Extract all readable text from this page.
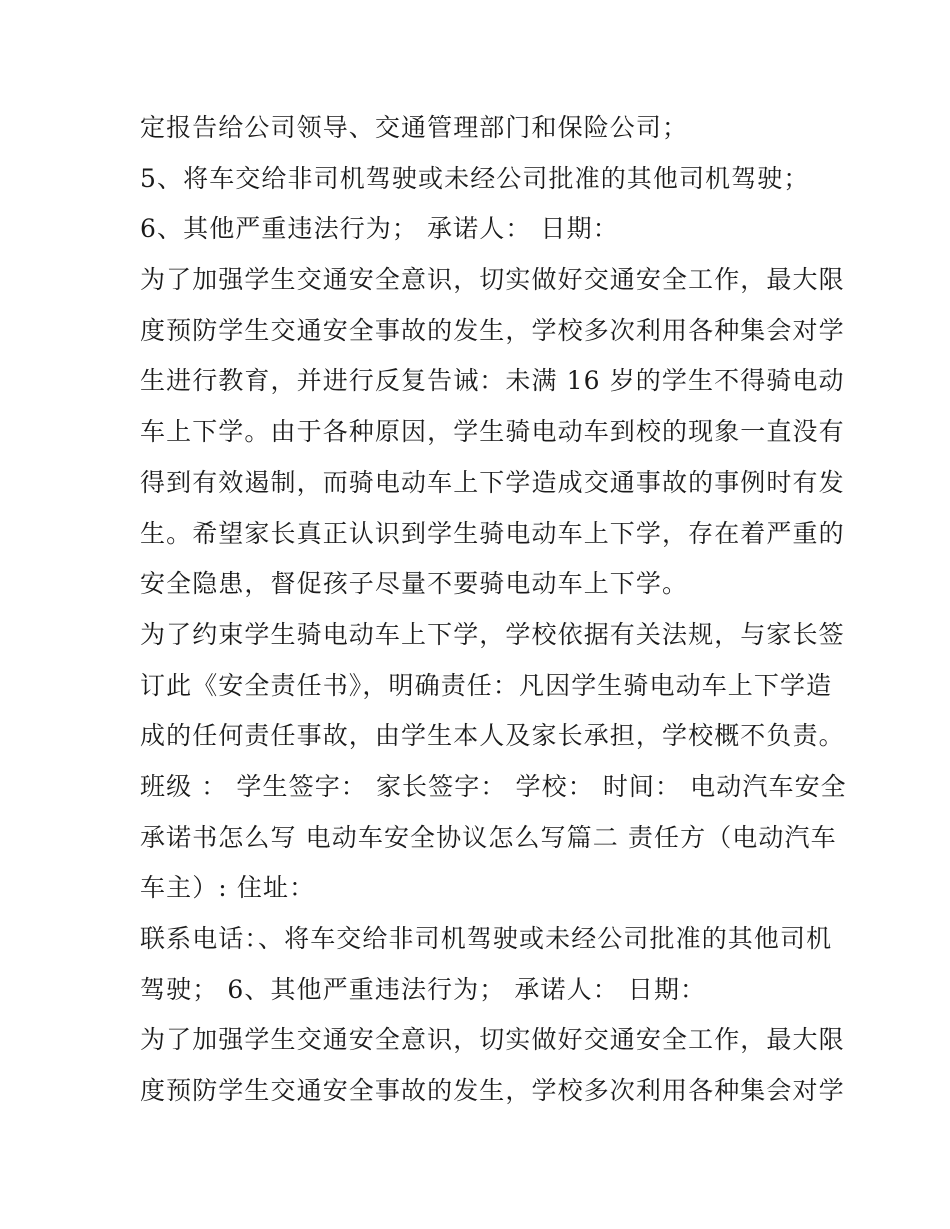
定报告给公司领导、交通管理部门和保险公司；
5、将车交给非司机驾驶或未经公司批准的其他司机驾驶；
6、其他严重违法行为； 承诺人： 日期：
为了加强学生交通安全意识，切实做好交通安全工作，最大限
度预防学生交通安全事故的发生，学校多次利用各种集会对学
生进行教育，并进行反复告诫：未满 16 岁的学生不得骑电动
车上下学。由于各种原因，学生骑电动车到校的现象一直没有
得到有效遏制，而骑电动车上下学造成交通事故的事例时有发
生。希望家长真正认识到学生骑电动车上下学，存在着严重的
安全隐患，督促孩子尽量不要骑电动车上下学。
为了约束学生骑电动车上下学，学校依据有关法规，与家长签
订此《安全责任书》，明确责任：凡因学生骑电动车上下学造
成的任何责任事故，由学生本人及家长承担，学校概不负责。
班级 ： 学生签字： 家长签字： 学校： 时间： 电动汽车安全
承诺书怎么写 电动车安全协议怎么写篇二 责任方（电动汽车
车主）: 住址：
联系电话：、将车交给非司机驾驶或未经公司批准的其他司机
驾驶； 6、其他严重违法行为； 承诺人： 日期：
为了加强学生交通安全意识，切实做好交通安全工作，最大限
度预防学生交通安全事故的发生，学校多次利用各种集会对学
